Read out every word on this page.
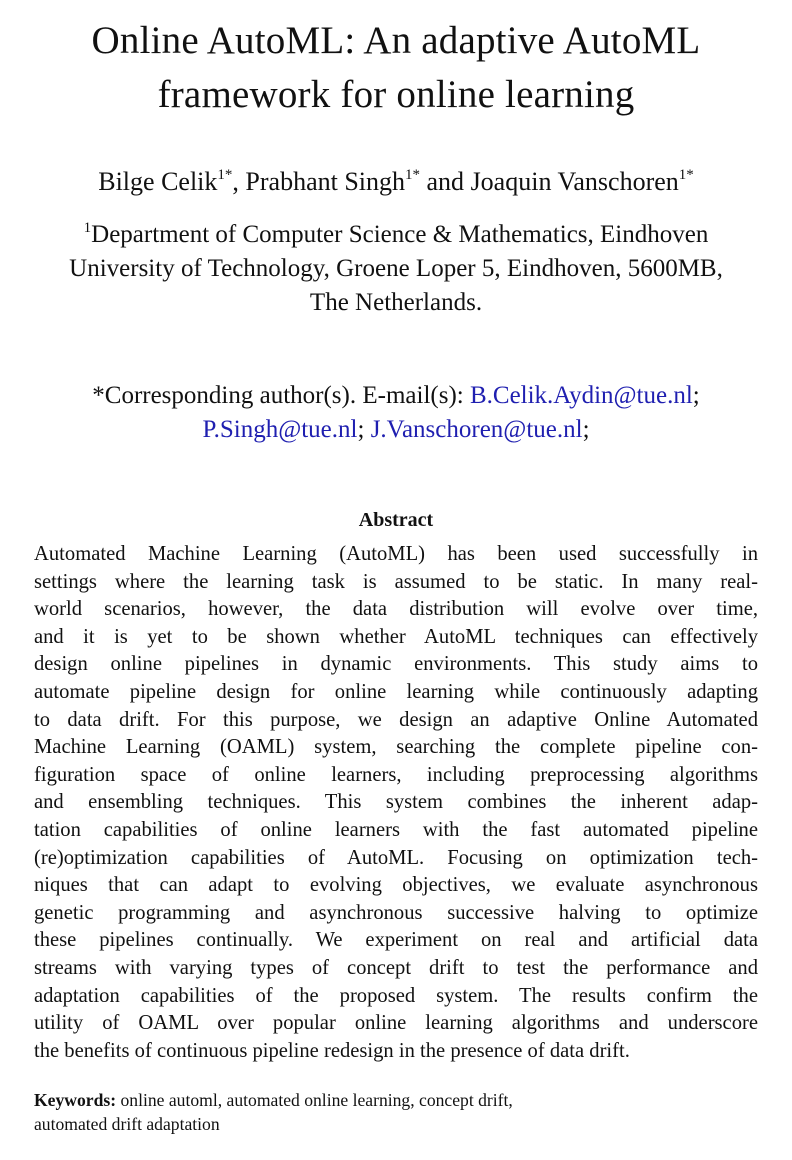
Online AutoML: An adaptive AutoML
framework for online learning
Bilge Celik$^{1*}$, Prabhant Singh$^{1*}$ and Joaquin Vanschoren$^{1*}$
$^1$Department of Computer Science & Mathematics, Eindhoven
University of Technology, Groene Loper 5, Eindhoven, 5600MB,
The Netherlands.
*Corresponding author(s). E-mail(s): B.Celik.Aydin@tue.nl;
P.Singh@tue.nl; J.Vanschoren@tue.nl;
Abstract
Automated Machine Learning (AutoML) has been used successfully in
settings where the learning task is assumed to be static. In many real-
world scenarios, however, the data distribution will evolve over time,
and it is yet to be shown whether AutoML techniques can effectively
design online pipelines in dynamic environments. This study aims to
automate pipeline design for online learning while continuously adapting
to data drift. For this purpose, we design an adaptive Online Automated
Machine Learning (OAML) system, searching the complete pipeline con-
figuration space of online learners, including preprocessing algorithms
and ensembling techniques. This system combines the inherent adap-
tation capabilities of online learners with the fast automated pipeline
(re)optimization capabilities of AutoML. Focusing on optimization tech-
niques that can adapt to evolving objectives, we evaluate asynchronous
genetic programming and asynchronous successive halving to optimize
these pipelines continually. We experiment on real and artificial data
streams with varying types of concept drift to test the performance and
adaptation capabilities of the proposed system. The results confirm the
utility of OAML over popular online learning algorithms and underscore
the benefits of continuous pipeline redesign in the presence of data drift.
Keywords: online automl, automated online learning, concept drift,
automated drift adaptation
